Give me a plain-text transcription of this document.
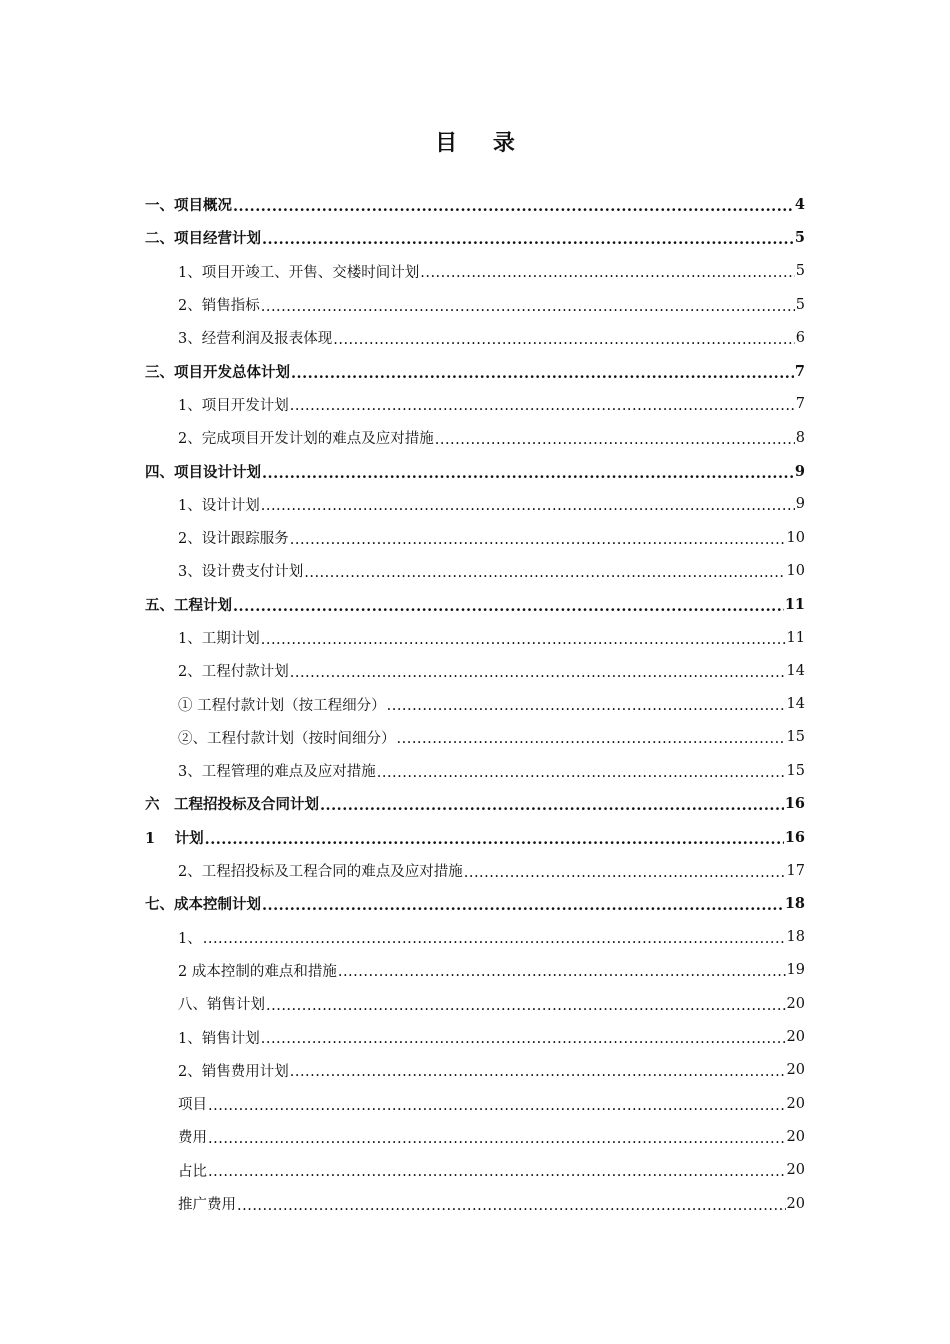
目 录
一、项目概况 .....	4
二、项目经营计划 .....	5
1、项目开竣工、开售、交楼时间计划 .....	5
2、销售指标 .....	5
3、经营利润及报表体现 .....	6
三、项目开发总体计划 .....	7
1、项目开发计划 .....	7
2、完成项目开发计划的难点及应对措施 .....	8
四、项目设计计划 .....	9
1、设计计划 .....	9
2、设计跟踪服务 .....	10
3、设计费支付计划 .....	10
五、工程计划 .....	11
1、工期计划 .....	11
2、工程付款计划 .....	14
① 工程付款计划（按工程细分） .....	14
②、工程付款计划（按时间细分） .....	15
3、工程管理的难点及应对措施 .....	15
六　工程招投标及合同计划 .....	16
1　 计划 .....	16
2、工程招投标及工程合同的难点及应对措施 .....	17
七、成本控制计划 .....	18
1、 .....	18
2 成本控制的难点和措施 .....	19
八、销售计划 .....	20
1、销售计划 .....	20
2、销售费用计划 .....	20
项目 .....	20
费用 .....	20
占比 .....	20
推广费用 .....	20
